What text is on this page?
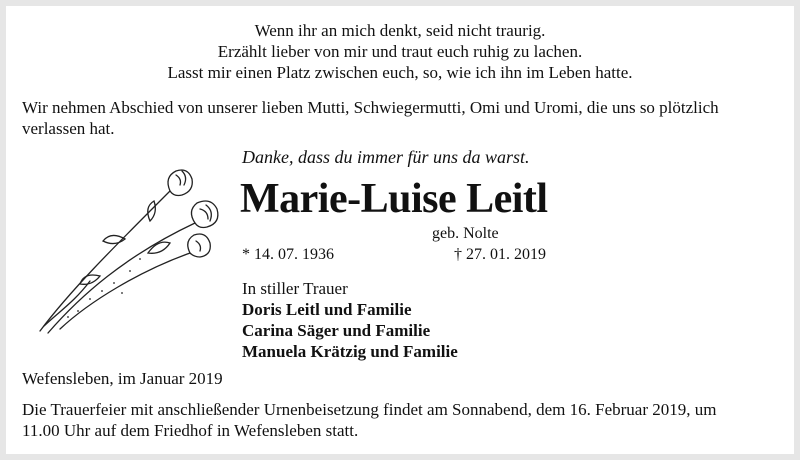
Wenn ihr an mich denkt, seid nicht traurig.
Erzählt lieber von mir und traut euch ruhig zu lachen.
Lasst mir einen Platz zwischen euch, so, wie ich ihn im Leben hatte.
Wir nehmen Abschied von unserer lieben Mutti, Schwiegermutti, Omi und Uromi, die uns so plötzlich
verlassen hat.
Danke, dass du immer für uns da warst.
Marie-Luise Leitl
geb. Nolte
* 14. 07. 1936	† 27. 01. 2019
In stiller Trauer
Doris Leitl und Familie
Carina Säger und Familie
Manuela Krätzig und Familie
Wefensleben, im Januar 2019
Die Trauerfeier mit anschließender Urnenbeisetzung findet am Sonnabend, dem 16. Februar 2019, um
11.00 Uhr auf dem Friedhof in Wefensleben statt.
